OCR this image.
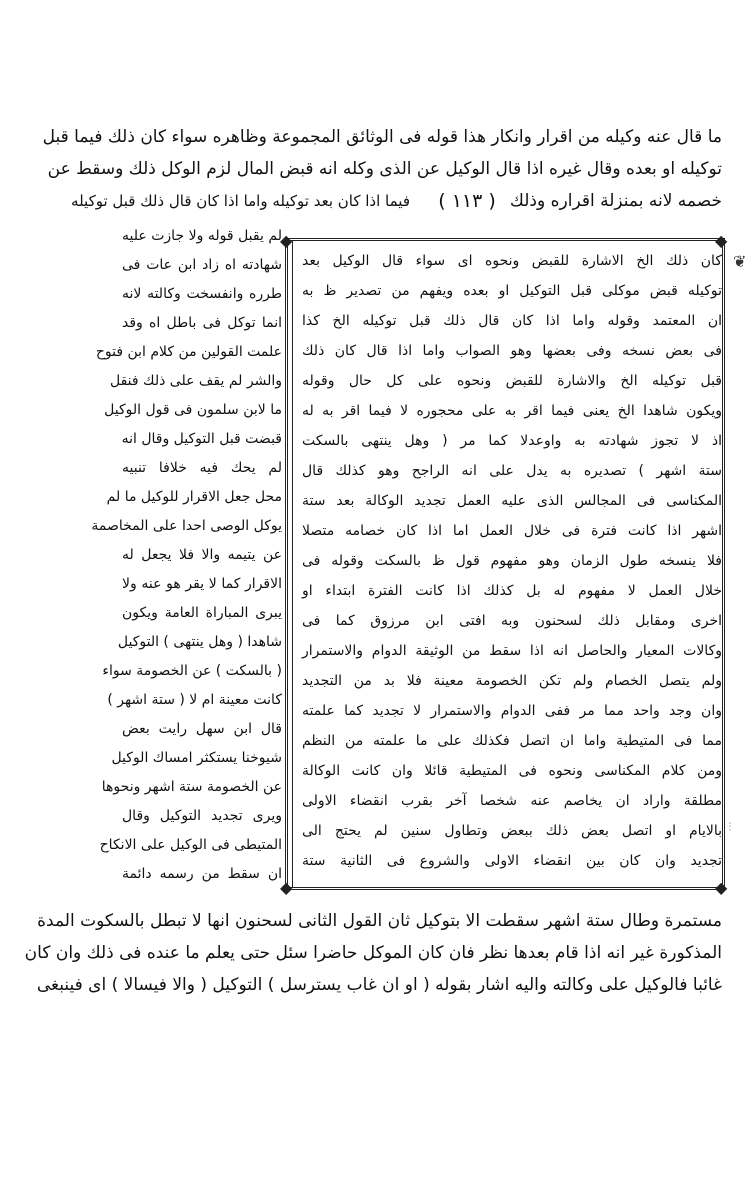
◆	◆
◆	◆
❦
⁝
ما قال عنه وكيله من اقرار وانكار هذا قوله فى الوثائق المجموعة وظاهره سواء كان ذلك فيما قبل
توكيله او بعده وقال غيره اذا قال الوكيل عن الذى وكله انه قبض المال لزم الوكل ذلك وسقط عن
خصمه لانه بمنزلة اقراره وذلك
( ١١٣ )
فيما اذا كان بعد توكيله واما اذا كان قال ذلك قبل توكيله
لم يقبل قوله ولا جازت عليه
شهادته اه زاد ابن عات فى
طرره وانفسخت وكالته لانه
انما توكل فى باطل اه وقد
علمت القولين من كلام ابن فتوح
والشر لم يقف على ذلك فنقل
ما لابن سلمون فى قول الوكيل
قبضت قبل التوكيل وقال انه
لم يحك فيه خلافا تنبيه
محل جعل الاقرار للوكيل ما لم
يوكل الوصى احدا على المخاصمة
عن يتيمه والا فلا يجعل له
الاقرار كما لا يقر هو عنه ولا
يبرى المباراة العامة ويكون
شاهدا ( وهل ينتهى ) التوكيل
( بالسكت ) عن الخصومة سواء
كانت معينة ام لا ( ستة اشهر )
قال ابن سهل رايت بعض
شيوخنا يستكثر امساك الوكيل
عن الخصومة ستة اشهر ونحوها
ويرى تجديد التوكيل وقال
المتيطى فى الوكيل على الانكاح
ان سقط من رسمه دائمة
كان ذلك الخ الاشارة للقبض ونحوه اى سواء قال الوكيل بعد
توكيله قبض موكلى قبل التوكيل او بعده ويفهم من تصدير ظ به
ان المعتمد وقوله واما اذا كان قال ذلك قبل توكيله الخ كذا
فى بعض نسخه وفى بعضها وهو الصواب واما اذا قال كان ذلك
قبل توكيله الخ والاشارة للقبض ونحوه على كل حال وقوله
ويكون شاهدا الخ يعنى فيما اقر به على محجوره لا فيما اقر به له
اذ لا تجوز شهادته به واوعدلا كما مر ( وهل ينتهى بالسكت
ستة اشهر ) تصديره به يدل على انه الراجح وهو كذلك قال
المكناسى فى المجالس الذى عليه العمل تجديد الوكالة بعد ستة
اشهر اذا كانت فترة فى خلال العمل اما اذا كان خصامه متصلا
فلا ينسخه طول الزمان وهو مفهوم قول ظ بالسكت وقوله فى
خلال العمل لا مفهوم له بل كذلك اذا كانت الفترة ابتداء او
اخرى ومقابل ذلك لسحنون وبه افتى ابن مرزوق كما فى
وكالات المعيار والحاصل انه اذا سقط من الوثيقة الدوام والاستمرار
ولم يتصل الخصام ولم تكن الخصومة معينة فلا بد من التجديد
وان وجد واحد مما مر ففى الدوام والاستمرار لا تجديد كما علمته
مما فى المتيطية واما ان اتصل فكذلك على ما علمته من النظم
ومن كلام المكناسى ونحوه فى المتيطية قائلا وان كانت الوكالة
مطلقة واراد ان يخاصم عنه شخصا آخر بقرب انقضاء الاولى
بالايام او اتصل بعض ذلك ببعض وتطاول سنين لم يحتج الى
تجديد وان كان بين انقضاء الاولى والشروع فى الثانية ستة
مستمرة وطال ستة اشهر سقطت الا بتوكيل ثان القول الثانى لسحنون انها لا تبطل بالسكوت المدة
المذكورة غير انه اذا قام بعدها نظر فان كان الموكل حاضرا سئل حتى يعلم ما عنده فى ذلك وان كان
غائبا فالوكيل على وكالته واليه اشار بقوله ( او ان غاب يسترسل ) التوكيل ( والا فيسالا ) اى فينبغى
